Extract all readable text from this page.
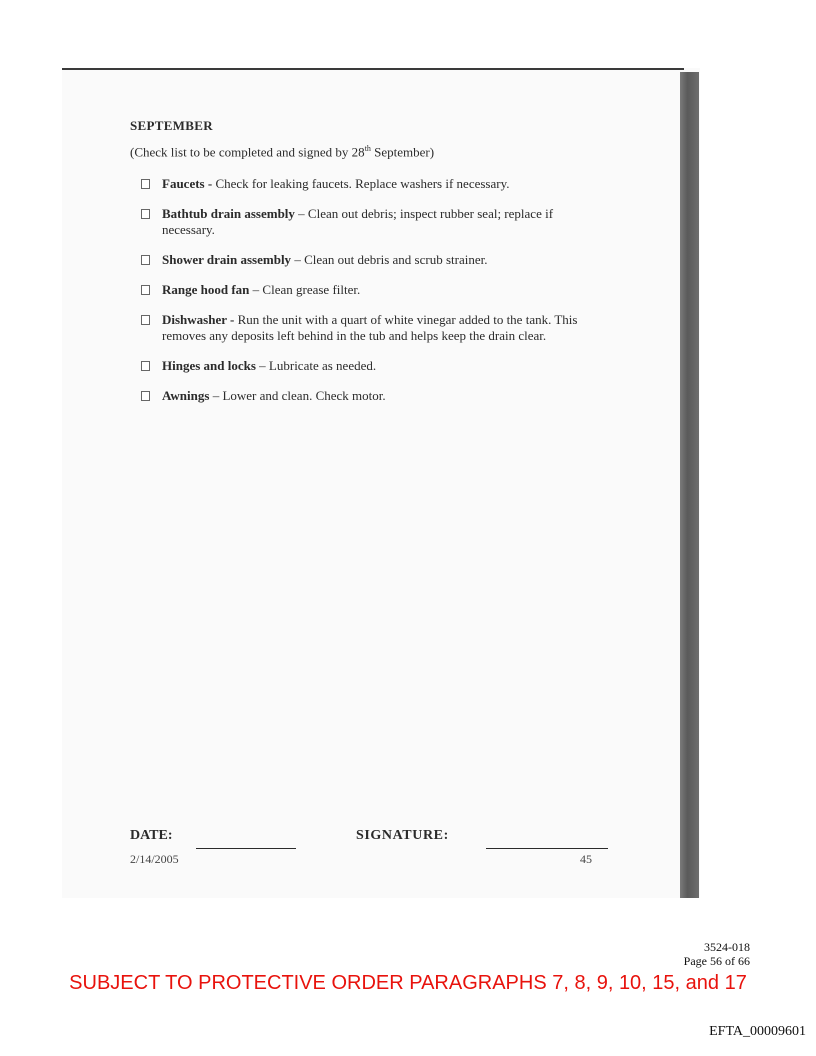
SEPTEMBER
(Check list to be completed and signed by 28th September)
Faucets - Check for leaking faucets. Replace washers if necessary.
Bathtub drain assembly – Clean out debris; inspect rubber seal; replace if necessary.
Shower drain assembly – Clean out debris and scrub strainer.
Range hood fan – Clean grease filter.
Dishwasher - Run the unit with a quart of white vinegar added to the tank. This removes any deposits left behind in the tub and helps keep the drain clear.
Hinges and locks – Lubricate as needed.
Awnings – Lower and clean. Check motor.
DATE:	SIGNATURE:
2/14/2005	45
3524-018
Page 56 of 66
SUBJECT TO PROTECTIVE ORDER PARAGRAPHS 7, 8, 9, 10, 15, and 17
EFTA_00009601
